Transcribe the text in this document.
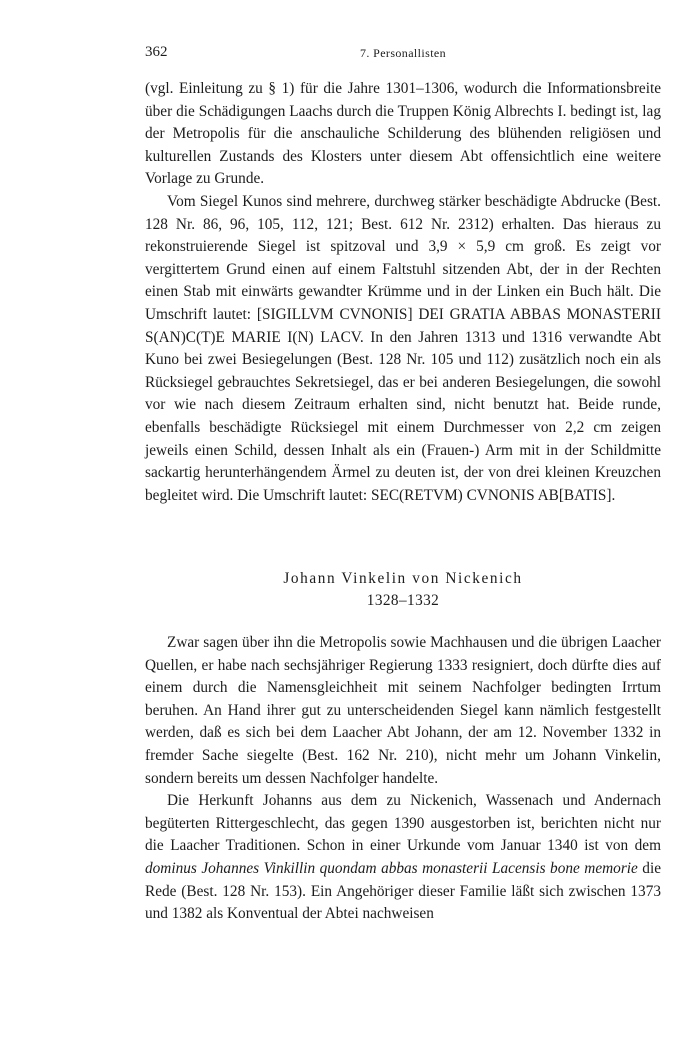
362	7. Personallisten

(vgl. Einleitung zu § 1) für die Jahre 1301–1306, wodurch die Informationsbreite über die Schädigungen Laachs durch die Truppen König Albrechts I. bedingt ist, lag der Metropolis für die anschauliche Schilderung des blühenden religiösen und kulturellen Zustands des Klosters unter diesem Abt offensichtlich eine weitere Vorlage zu Grunde.

Vom Siegel Kunos sind mehrere, durchweg stärker beschädigte Abdrucke (Best. 128 Nr. 86, 96, 105, 112, 121; Best. 612 Nr. 2312) erhalten. Das hieraus zu rekonstruierende Siegel ist spitzoval und 3,9 × 5,9 cm groß. Es zeigt vor vergittertem Grund einen auf einem Faltstuhl sitzenden Abt, der in der Rechten einen Stab mit einwärts gewandter Krümme und in der Linken ein Buch hält. Die Umschrift lautet: [SIGILLVM CVNONIS] DEI GRATIA ABBAS MONASTERII S(AN)C(T)E MARIE I(N) LACV. In den Jahren 1313 und 1316 verwandte Abt Kuno bei zwei Besiegelungen (Best. 128 Nr. 105 und 112) zusätzlich noch ein als Rücksiegel gebrauchtes Sekretsiegel, das er bei anderen Besiegelungen, die sowohl vor wie nach diesem Zeitraum erhalten sind, nicht benutzt hat. Beide runde, ebenfalls beschädigte Rücksiegel mit einem Durchmesser von 2,2 cm zeigen jeweils einen Schild, dessen Inhalt als ein (Frauen-) Arm mit in der Schildmitte sackartig herunterhängendem Ärmel zu deuten ist, der von drei kleinen Kreuzchen begleitet wird. Die Umschrift lautet: SEC(RETVM) CVNONIS AB[BATIS].

Johann Vinkelin von Nickenich
1328–1332

Zwar sagen über ihn die Metropolis sowie Machhausen und die übrigen Laacher Quellen, er habe nach sechsjähriger Regierung 1333 resigniert, doch dürfte dies auf einem durch die Namensgleichheit mit seinem Nachfolger bedingten Irrtum beruhen. An Hand ihrer gut zu unterscheidenden Siegel kann nämlich festgestellt werden, daß es sich bei dem Laacher Abt Johann, der am 12. November 1332 in fremder Sache siegelte (Best. 162 Nr. 210), nicht mehr um Johann Vinkelin, sondern bereits um dessen Nachfolger handelte.

Die Herkunft Johanns aus dem zu Nickenich, Wassenach und Andernach begüterten Rittergeschlecht, das gegen 1390 ausgestorben ist, berichten nicht nur die Laacher Traditionen. Schon in einer Urkunde vom Januar 1340 ist von dem dominus Johannes Vinkillin quondam abbas monasterii Lacensis bone memorie die Rede (Best. 128 Nr. 153). Ein Angehöriger dieser Familie läßt sich zwischen 1373 und 1382 als Konventual der Abtei nachweisen
